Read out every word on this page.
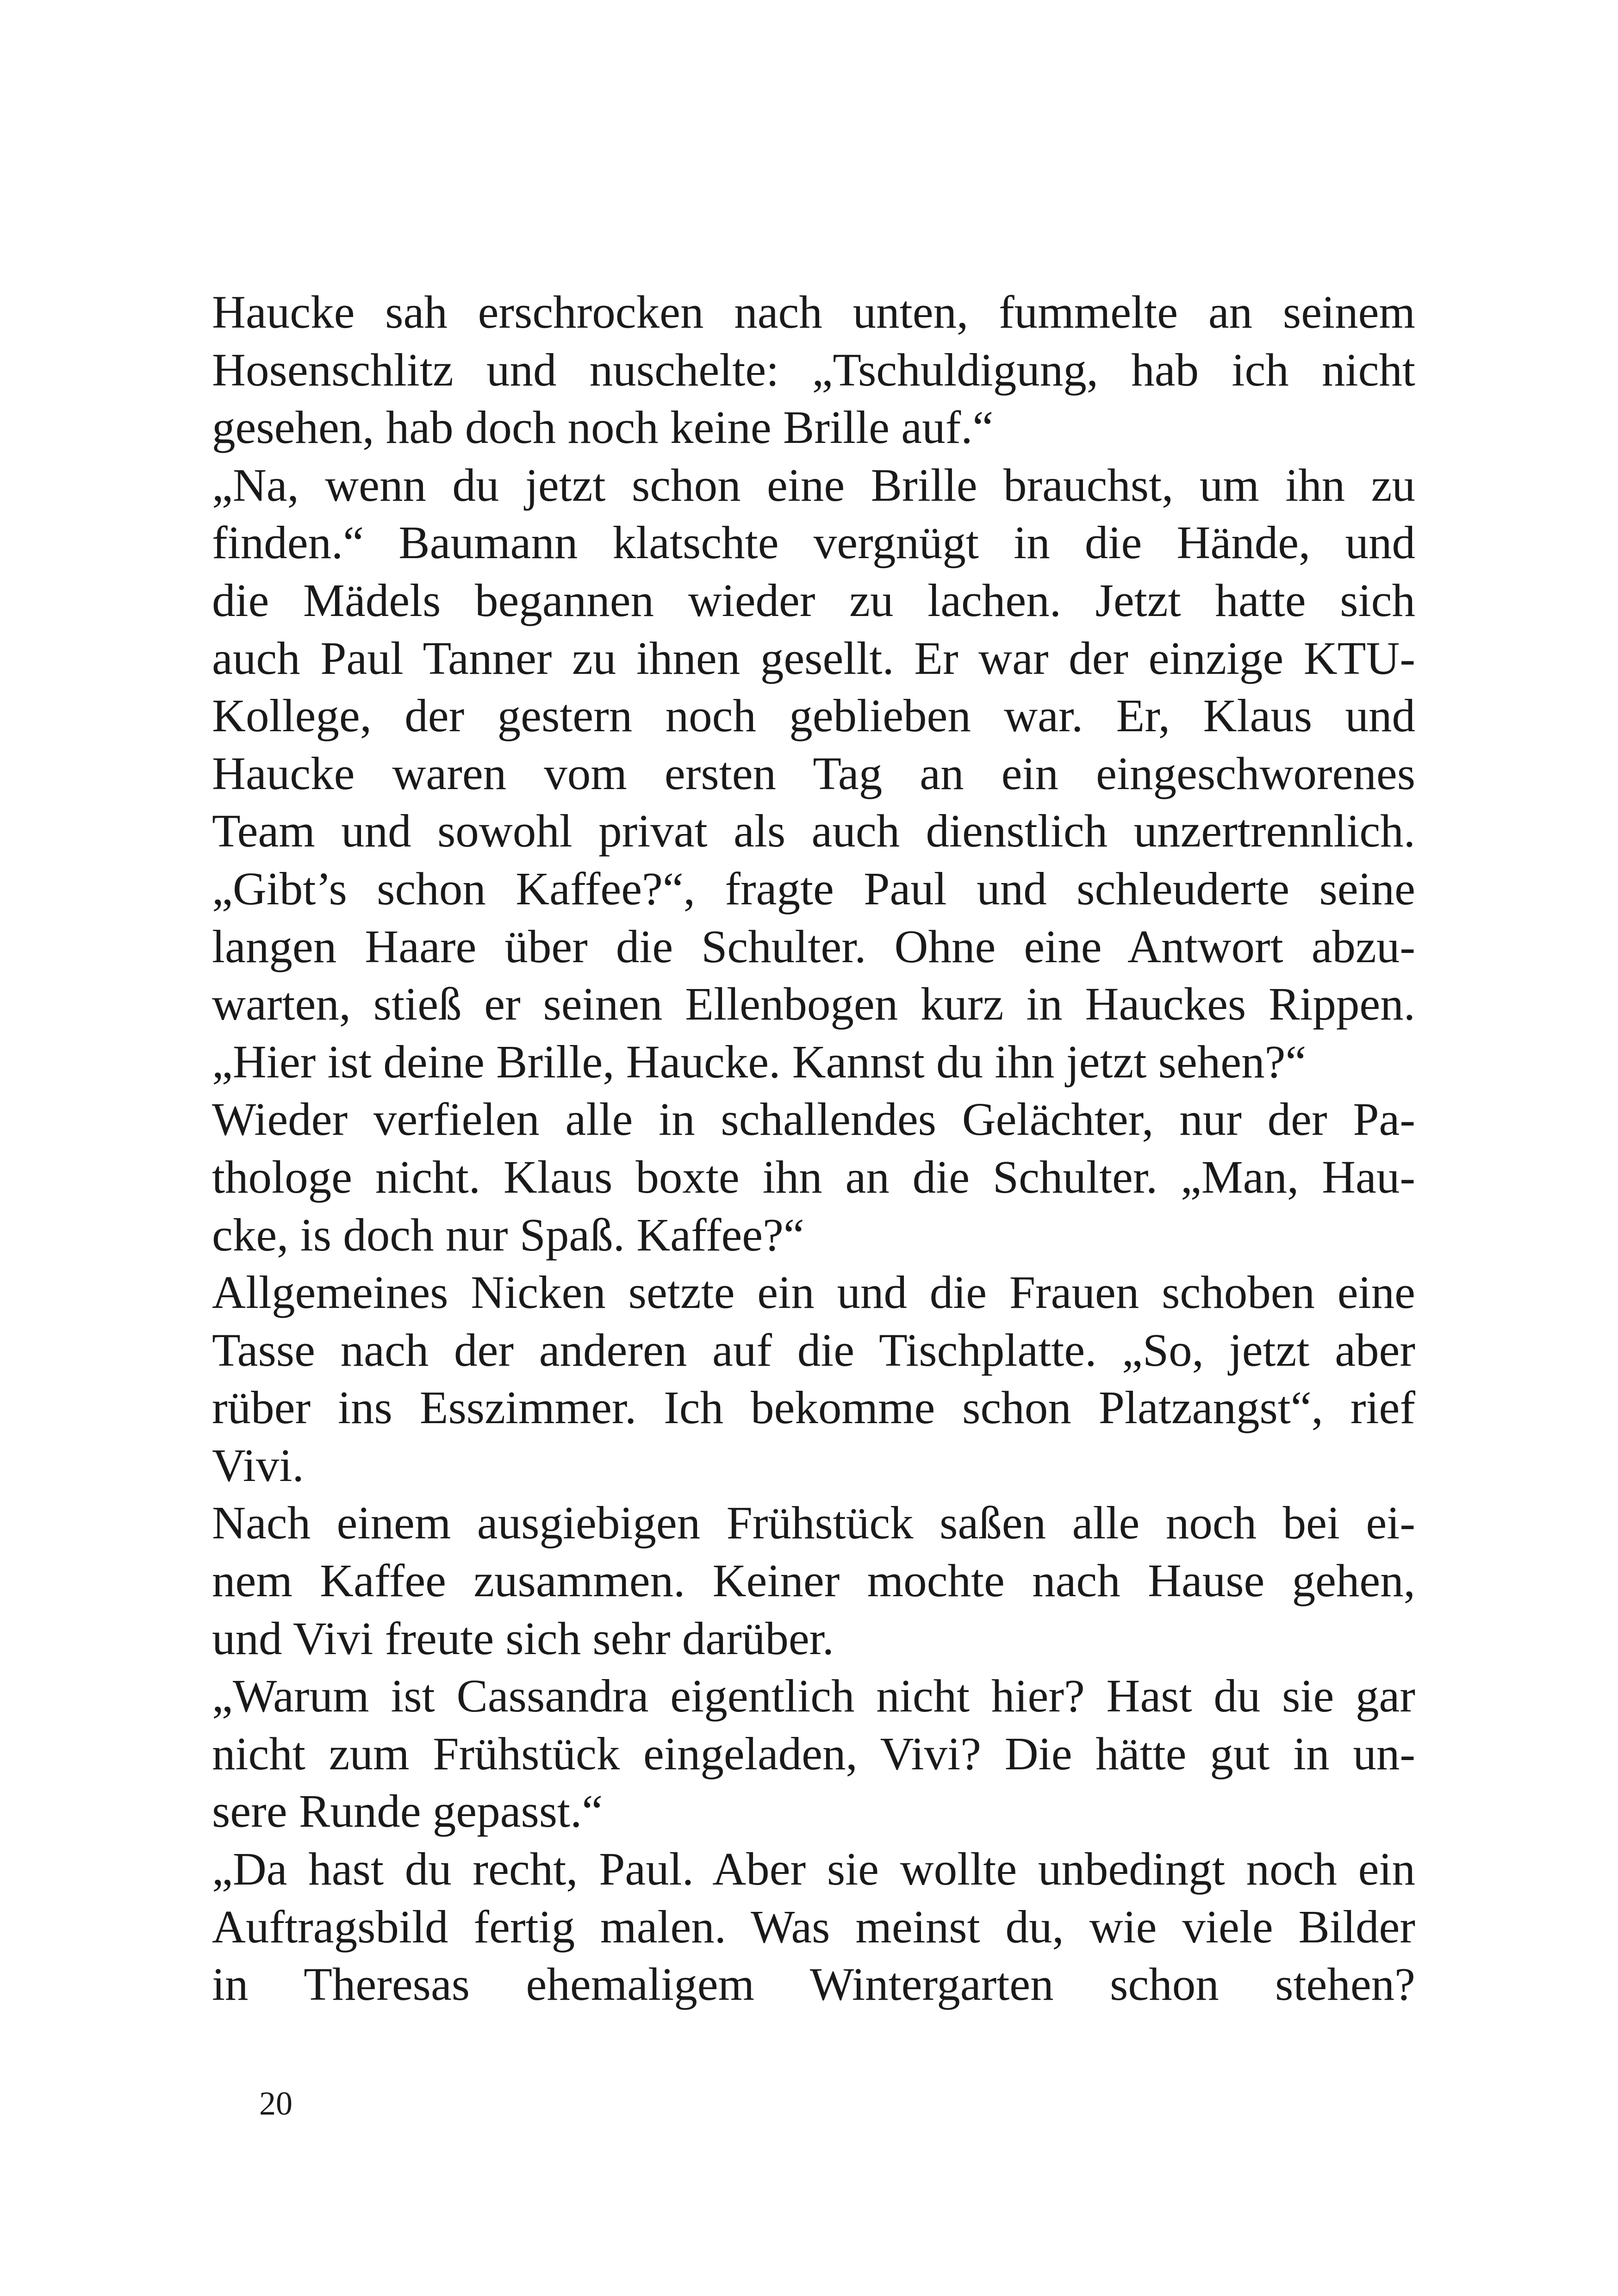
Haucke sah erschrocken nach unten, fummelte an seinem
Hosenschlitz und nuschelte: „Tschuldigung, hab ich nicht
gesehen, hab doch noch keine Brille auf.“
„Na, wenn du jetzt schon eine Brille brauchst, um ihn zu
finden.“ Baumann klatschte vergnügt in die Hände, und
die Mädels begannen wieder zu lachen. Jetzt hatte sich
auch Paul Tanner zu ihnen gesellt. Er war der einzige KTU-
Kollege, der gestern noch geblieben war. Er, Klaus und
Haucke waren vom ersten Tag an ein eingeschworenes
Team und sowohl privat als auch dienstlich unzertrennlich.
„Gibt’s schon Kaffee?“, fragte Paul und schleuderte seine
langen Haare über die Schulter. Ohne eine Antwort abzu-
warten, stieß er seinen Ellenbogen kurz in Hauckes Rippen.
„Hier ist deine Brille, Haucke. Kannst du ihn jetzt sehen?“
Wieder verfielen alle in schallendes Gelächter, nur der Pa-
thologe nicht. Klaus boxte ihn an die Schulter. „Man, Hau-
cke, is doch nur Spaß. Kaffee?“
Allgemeines Nicken setzte ein und die Frauen schoben eine
Tasse nach der anderen auf die Tischplatte. „So, jetzt aber
rüber ins Esszimmer. Ich bekomme schon Platzangst“, rief
Vivi.
Nach einem ausgiebigen Frühstück saßen alle noch bei ei-
nem Kaffee zusammen. Keiner mochte nach Hause gehen,
und Vivi freute sich sehr darüber.
„Warum ist Cassandra eigentlich nicht hier? Hast du sie gar
nicht zum Frühstück eingeladen, Vivi? Die hätte gut in un-
sere Runde gepasst.“
„Da hast du recht, Paul. Aber sie wollte unbedingt noch ein
Auftragsbild fertig malen. Was meinst du, wie viele Bilder
in Theresas ehemaligem Wintergarten schon stehen?
20
